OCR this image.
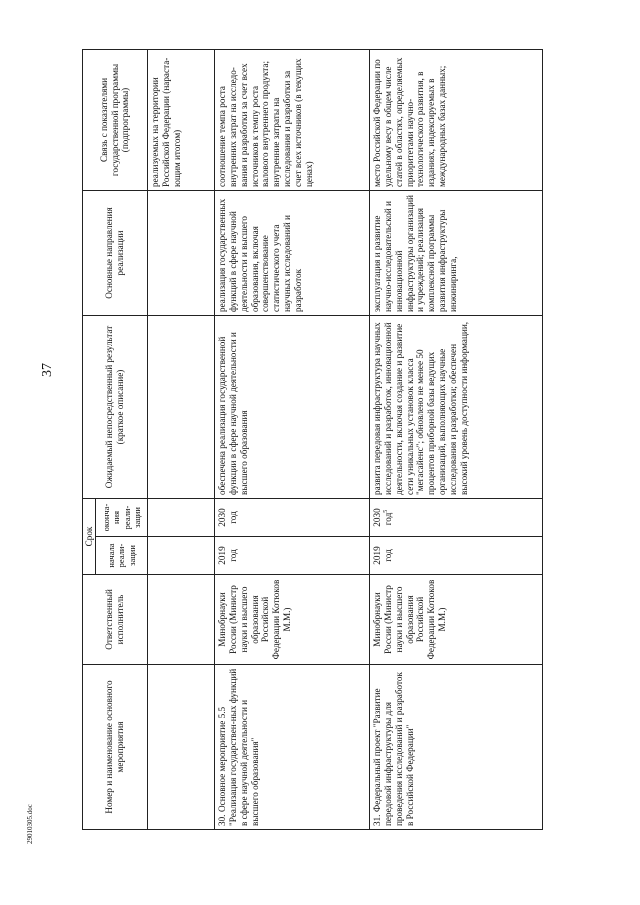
37
29010305.doc
Номер и наименование основного мероприятия	Ответственный исполнитель	Срок		Ожидаемый непосредственный результат (краткое описание)	Основные направления реализации	Связь с показателями государственной программы (подпрограммы)
		начала реали-зации	оконча-ния реали-зации			
						реализуемых на территории Российской Федерации (нараста-ющим итогом)
30.Основное мероприятие 5.5 "Реализация государствен-ных функций в сфере научной деятельности и высшего образования"	Минобрнауки России (Министр науки и высшего образования Российской Федерации Котюков М.М.)	2019 год	2030 год	обеспечена реализация государственной функции в сфере научной деятельности и высшего образования	реализация государственных функций в сфере научной деятельности и высшего образования, включая совершенствование статистического учета научных исследований и разработок	соотношение темпа роста внутренних затрат на исследо-вания и разработки за счет всех источников к темпу роста валового внутреннего продукта; внутренние затраты на исследования и разработки за счет всех источников (в текущих ценах)
31.Федеральный проект "Развитие передовой инфраструктуры для проведения исследований и разработок в Российской Федерации"	Минобрнауки России (Министр науки и высшего образования Российской Федерации Котюков М.М.)	2019 год	2030 год$^5$	развита передовая инфраструктура научных исследований и разработок, инновационной деятельности, включая создание и развитие сети уникальных установок класса "мегасайенс"; обновлено не менее 50 процентов приборной базы ведущих организаций, выполняющих научные исследования и разработки; обеспечен высокий уровень доступности информации,	эксплуатация и развитие научно-исследовательской и инновационной инфраструктуры организаций и учреждений; реализация комплексной программы развития инфраструктуры инжиниринга,	место Российской Федерации по удельному весу в общем числе статей в областях, определяемых приоритетами научно-технологического развития, в изданиях, индексируемых в международных базах данных;
